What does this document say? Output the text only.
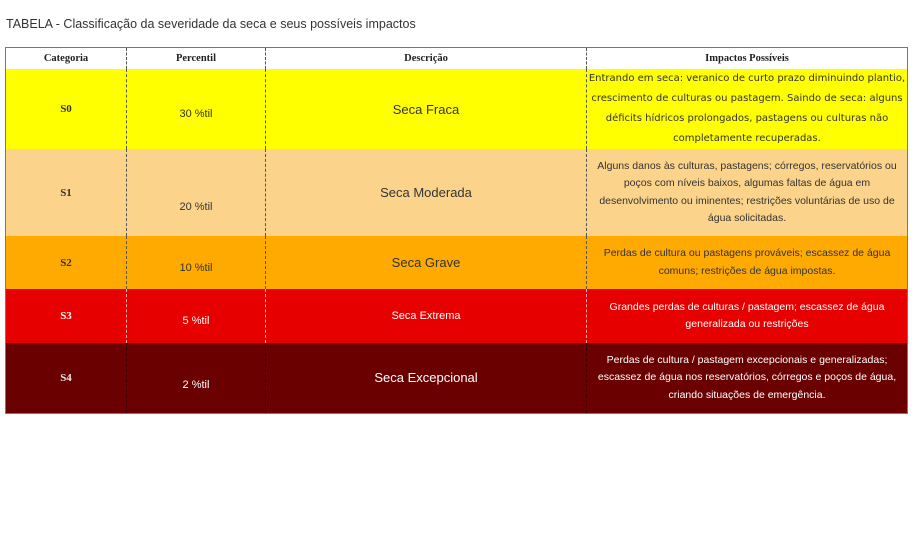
TABELA - Classificação da severidade da seca e seus possíveis impactos
Categoria	Percentil	Descrição	Impactos Possíveis
S0	30 %til	Seca Fraca	Entrando em seca: veranico de curto prazo diminuindo plantio, crescimento de culturas ou pastagem. Saindo de seca: alguns déficits hídricos prolongados, pastagens ou culturas não completamente recuperadas.
S1	20 %til	Seca Moderada	Alguns danos às culturas, pastagens; córregos, reservatórios ou poços com níveis baixos, algumas faltas de água em desenvolvimento ou iminentes; restrições voluntárias de uso de água solicitadas.
S2	10 %til	Seca Grave	Perdas de cultura ou pastagens prováveis; escassez de água comuns; restrições de água impostas.
S3	5 %til	Seca Extrema	Grandes perdas de culturas / pastagem; escassez de água generalizada ou restrições
S4	2 %til	Seca Excepcional	Perdas de cultura / pastagem excepcionais e generalizadas; escassez de água nos reservatórios, córregos e poços de água, criando situações de emergência.
